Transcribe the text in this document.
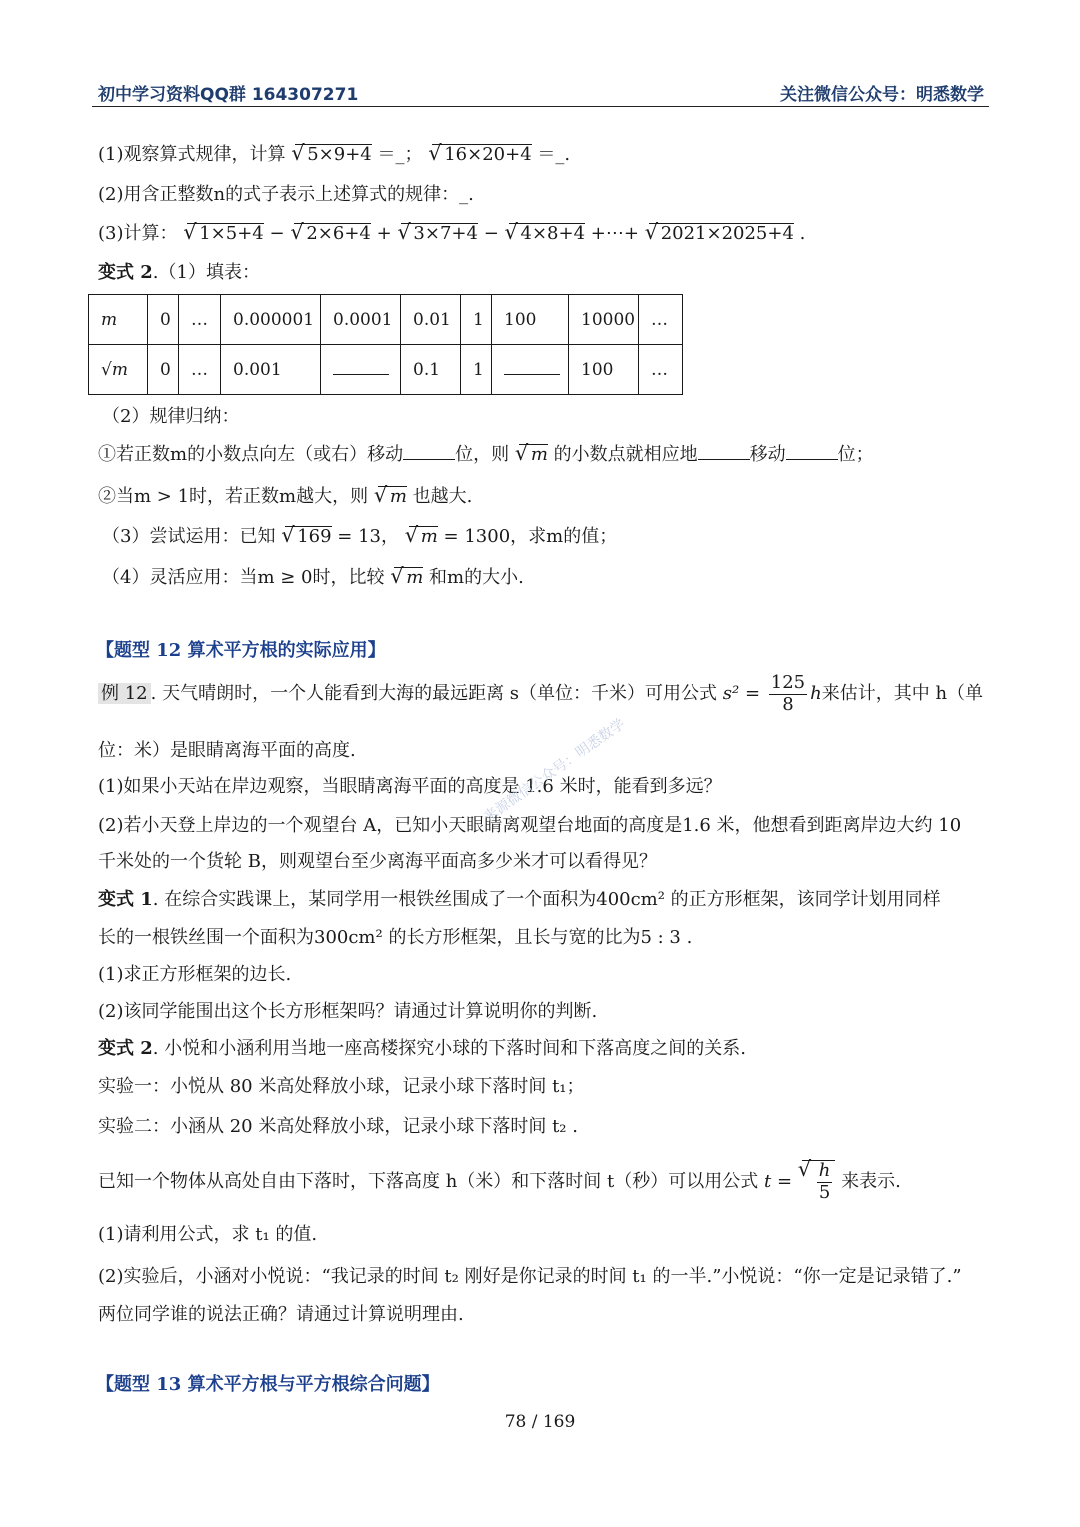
初中学习资料QQ群 164307271	关注微信公众号：明悉数学
(1)观察算式规律，计算 √ 5×9+4 ＝_； √ 16×20+4 ＝_.
(2)用含正整数n的式子表示上述算式的规律：_.
(3)计算： √ 1×5+4 − √ 2×6+4 + √ 3×7+4 − √ 4×8+4 +⋯+ √ 2021×2025+4 .
变式 2.（1）填表：
m	0	…	0.000001	0.0001	0.01	1	100	10000	…
√m	0	…	0.001		0.1	1		100	…
（2）规律归纳：
①若正数m的小数点向左（或右）移动	位，则 √ m 的小数点就相应地	移动	位；
②当m > 1时，若正数m越大，则 √ m 也越大.
（3）尝试运用：已知 √ 169 = 13， √ m = 1300，求m的值；
（4）灵活应用：当m ≥ 0时，比较 √ m 和m的大小.
【题型 12 算术平方根的实际应用】
例 12 . 天气晴朗时，一个人能看到大海的最远距离 s（单位：千米）可用公式 $s^2 = \frac{125}{8}$ h来估计，其中 h（单
位：米）是眼睛离海平面的高度.
(1)如果小天站在岸边观察，当眼睛离海平面的高度是 1.6 米时，能看到多远？
(2)若小天登上岸边的一个观望台 A，已知小天眼睛离观望台地面的高度是1.6 米，他想看到距离岸边大约 10
千米处的一个货轮 B，则观望台至少离海平面高多少米才可以看得见？
来源微信公众号：明悉数学
变式 1. 在综合实践课上，某同学用一根铁丝围成了一个面积为400cm² 的正方形框架，该同学计划用同样
长的一根铁丝围一个面积为300cm² 的长方形框架，且长与宽的比为5 : 3 .
(1)求正方形框架的边长.
(2)该同学能围出这个长方形框架吗？请通过计算说明你的判断.
变式 2. 小悦和小涵利用当地一座高楼探究小球的下落时间和下落高度之间的关系.
实验一：小悦从 80 米高处释放小球，记录小球下落时间 t₁；
实验二：小涵从 20 米高处释放小球，记录小球下落时间 t₂ .
已知一个物体从高处自由下落时，下落高度 h（米）和下落时间 t（秒）可以用公式 t = √ $\frac{h}{5}$ 来表示.
(1)请利用公式，求 t₁ 的值.
(2)实验后，小涵对小悦说：“我记录的时间 t₂ 刚好是你记录的时间 t₁ 的一半.”小悦说：“你一定是记录错了.”
两位同学谁的说法正确？请通过计算说明理由.
【题型 13 算术平方根与平方根综合问题】
78 / 169
